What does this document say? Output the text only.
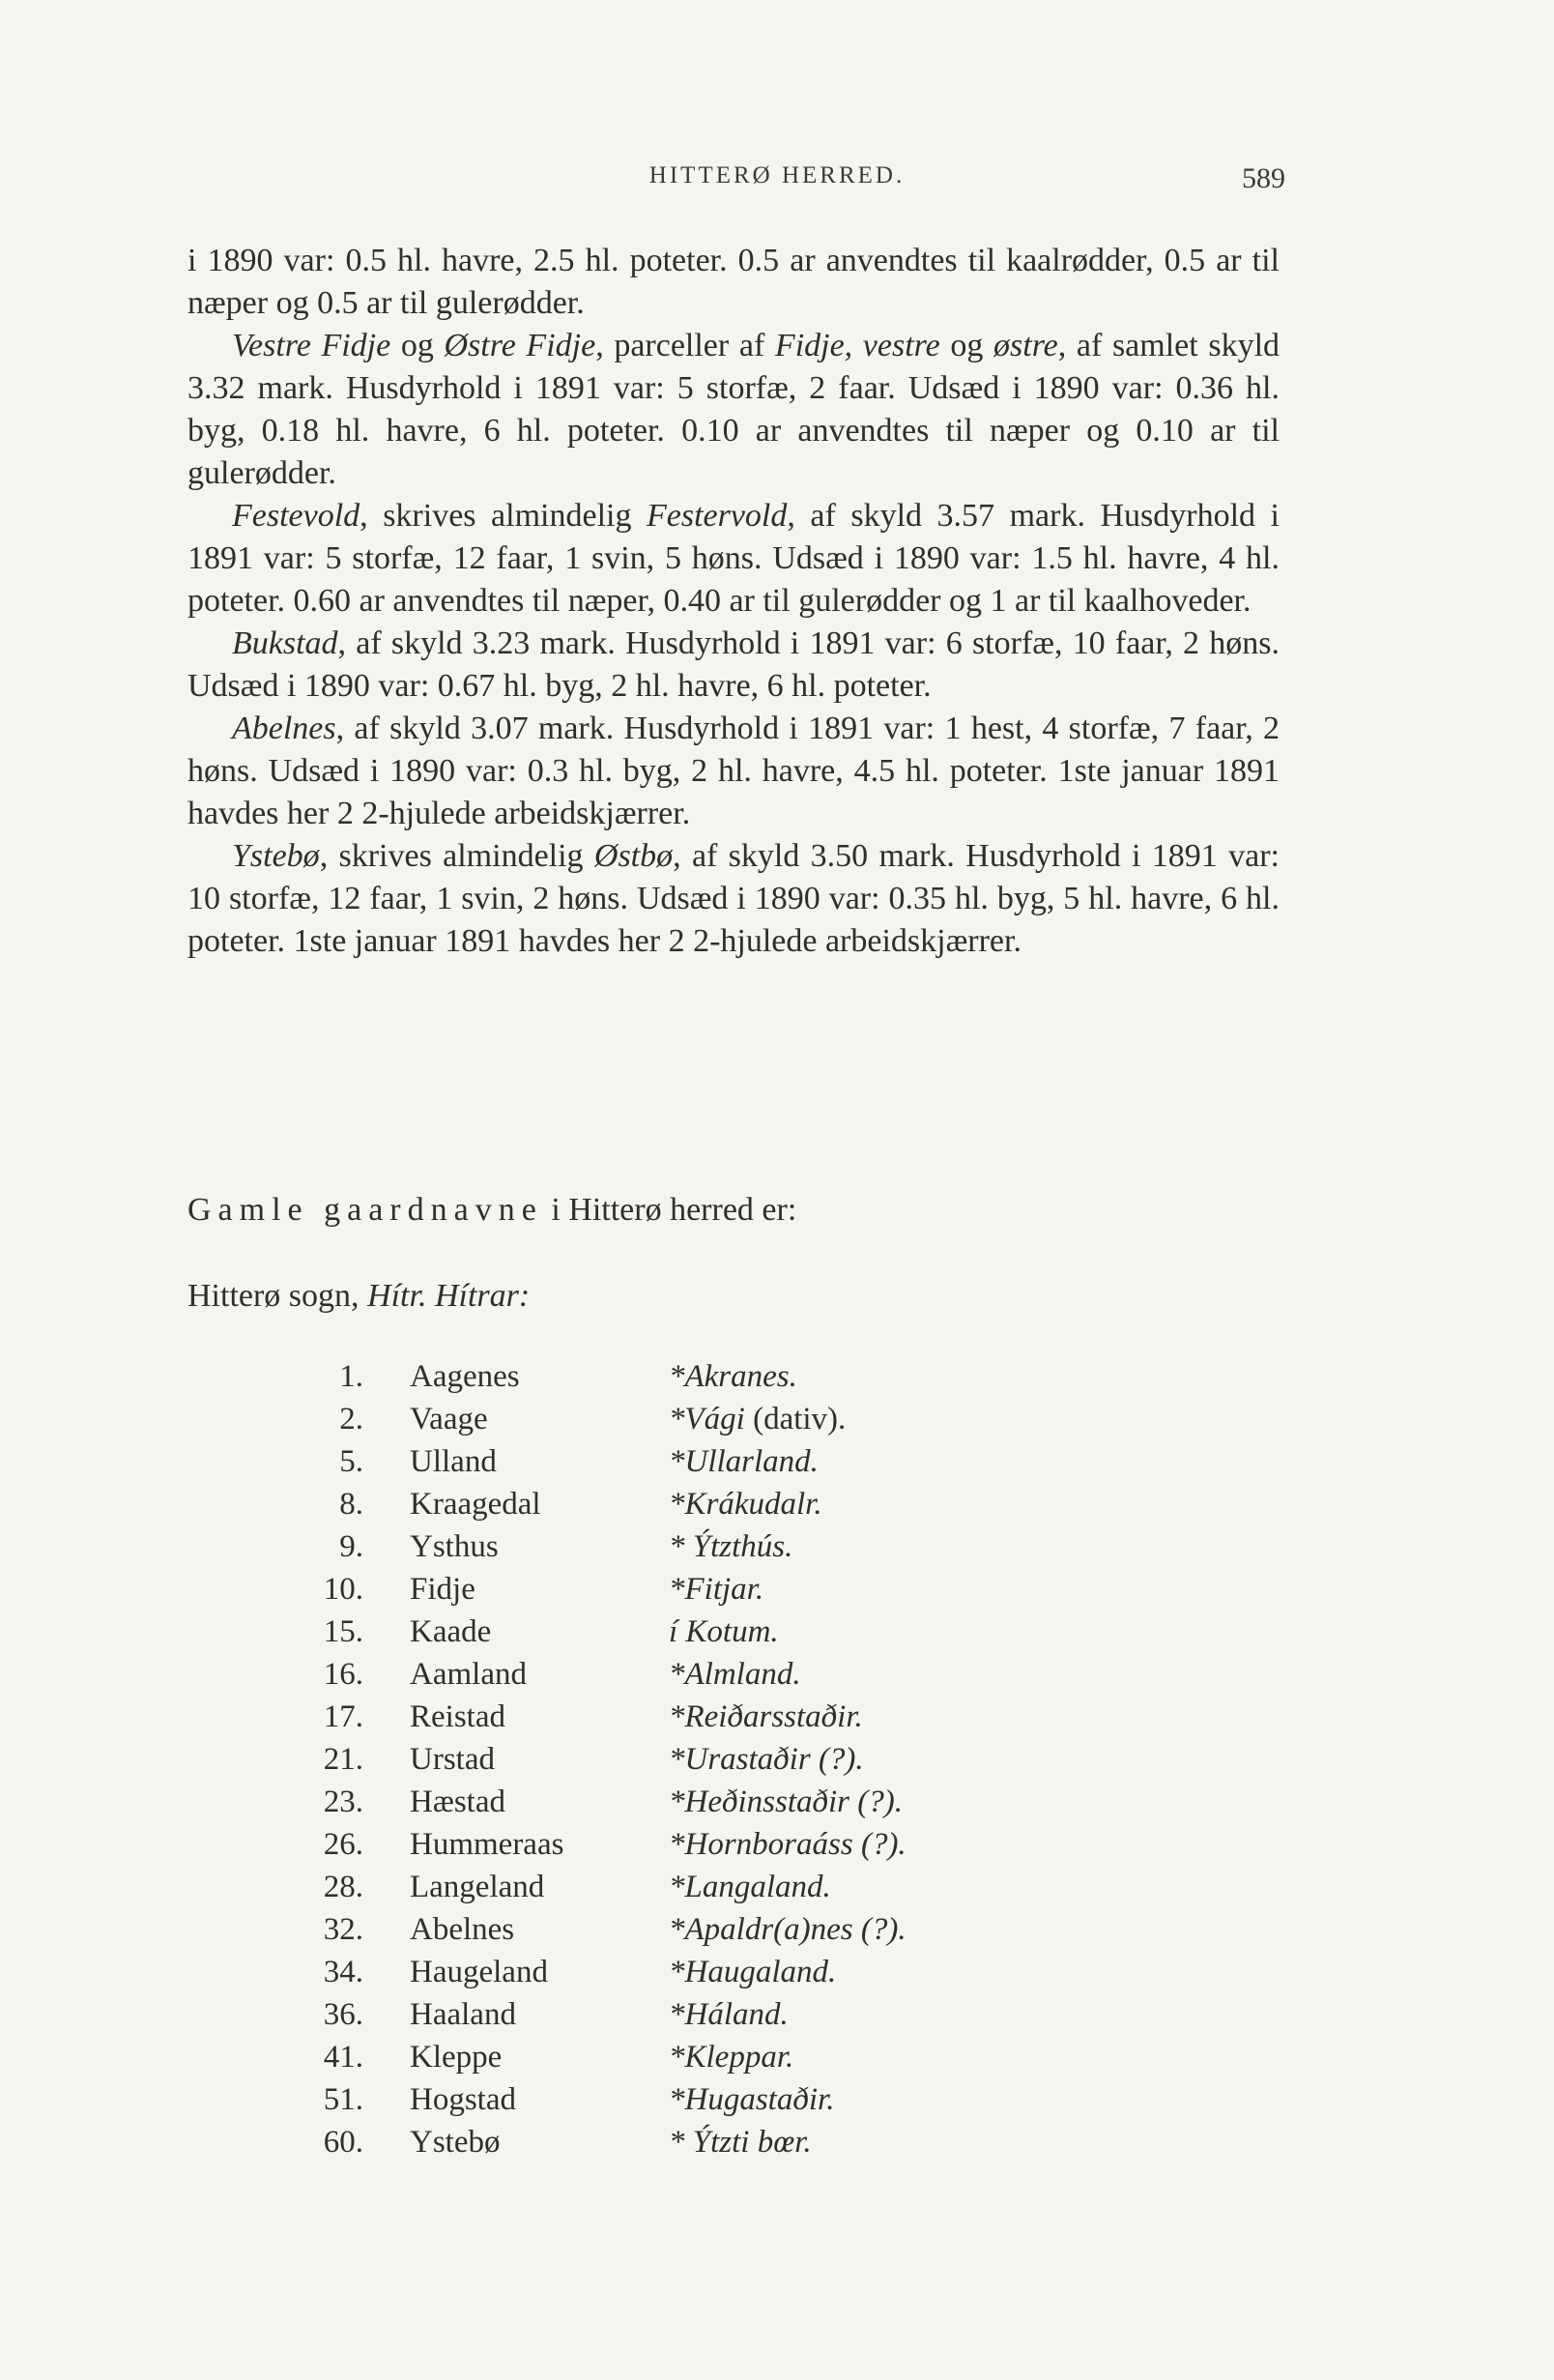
HITTERØ HERRED.	589

i 1890 var: 0.5 hl. havre, 2.5 hl. poteter. 0.5 ar anvendtes til kaalrødder, 0.5 ar til næper og 0.5 ar til gulerødder.

Vestre Fidje og Østre Fidje, parceller af Fidje, vestre og østre, af samlet skyld 3.32 mark. Husdyrhold i 1891 var: 5 storfæ, 2 faar. Udsæd i 1890 var: 0.36 hl. byg, 0.18 hl. havre, 6 hl. poteter. 0.10 ar anvendtes til næper og 0.10 ar til gulerødder.

Festevold, skrives almindelig Festervold, af skyld 3.57 mark. Husdyrhold i 1891 var: 5 storfæ, 12 faar, 1 svin, 5 høns. Udsæd i 1890 var: 1.5 hl. havre, 4 hl. poteter. 0.60 ar anvendtes til næper, 0.40 ar til gulerødder og 1 ar til kaalhoveder.

Bukstad, af skyld 3.23 mark. Husdyrhold i 1891 var: 6 storfæ, 10 faar, 2 høns. Udsæd i 1890 var: 0.67 hl. byg, 2 hl. havre, 6 hl. poteter.

Abelnes, af skyld 3.07 mark. Husdyrhold i 1891 var: 1 hest, 4 storfæ, 7 faar, 2 høns. Udsæd i 1890 var: 0.3 hl. byg, 2 hl. havre, 4.5 hl. poteter. 1ste januar 1891 havdes her 2 2-hjulede arbeidskjærrer.

Ystebø, skrives almindelig Østbø, af skyld 3.50 mark. Husdyrhold i 1891 var: 10 storfæ, 12 faar, 1 svin, 2 høns. Udsæd i 1890 var: 0.35 hl. byg, 5 hl. havre, 6 hl. poteter. 1ste januar 1891 havdes her 2 2-hjulede arbeidskjærrer.

Gamle gaardnavne i Hitterø herred er:
Hitterø sogn, Hítr. Hítrar:
1. Aagenes	*Akranes.
2. Vaage	*Vági (dativ).
5. Ulland	*Ullarland.
8. Kraagedal	*Krákudalr.
9. Ysthus	* Ýtzthús.
10. Fidje	*Fitjar.
15. Kaade	í Kotum.
16. Aamland	*Almland.
17. Reistad	*Reiðarsstaðir.
21. Urstad	*Urastaðir (?).
23. Hæstad	*Heðinsstaðir (?).
26. Hummeraas	*Hornboraáss (?).
28. Langeland	*Langaland.
32. Abelnes	*Apaldr(a)nes (?).
34. Haugeland	*Haugaland.
36. Haaland	*Háland.
41. Kleppe	*Kleppar.
51. Hogstad	*Hugastaðir.
60. Ystebø	* Ýtzti bœr.
